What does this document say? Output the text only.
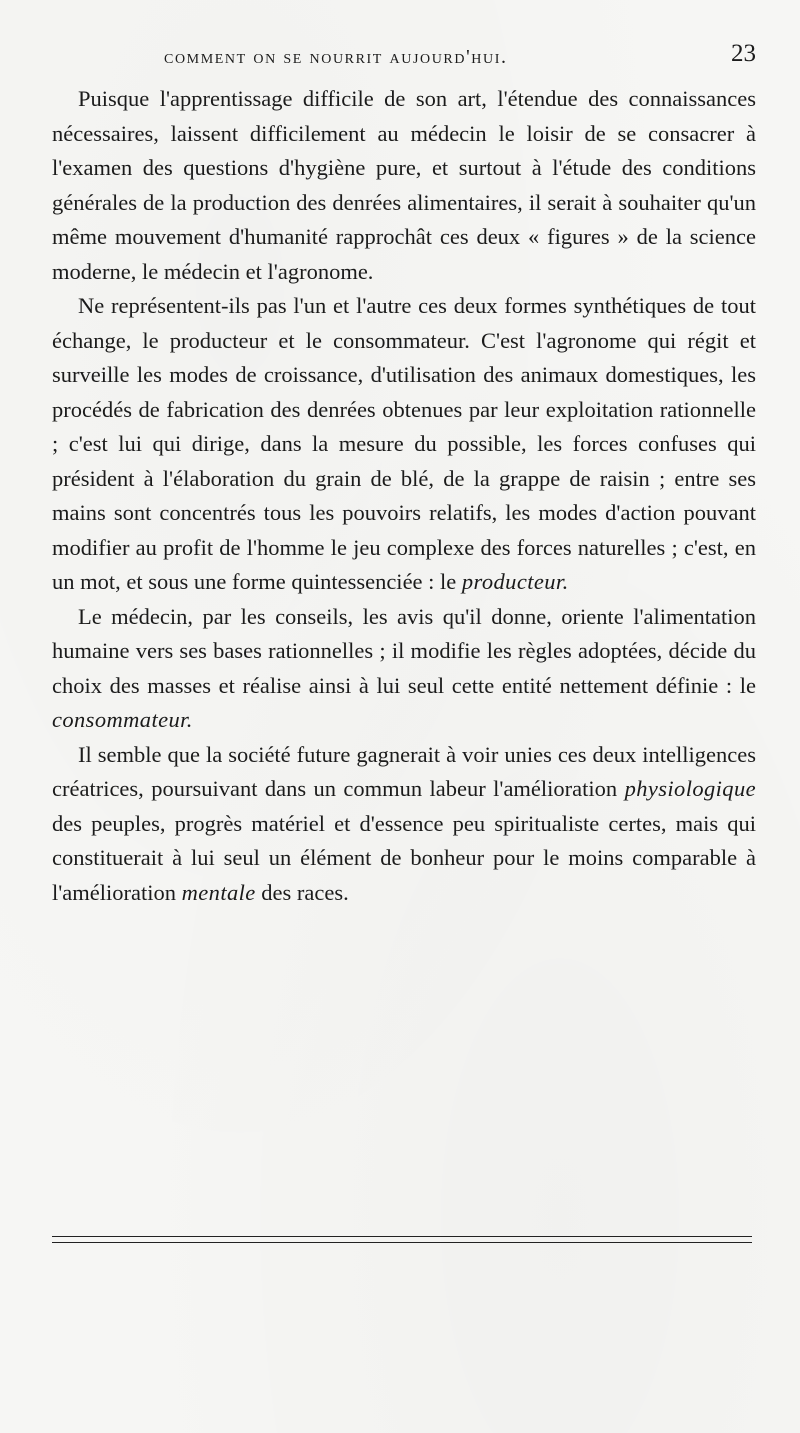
comment on se nourrit aujourd'hui.	23

Puisque l'apprentissage difficile de son art, l'étendue des connaissances nécessaires, laissent difficilement au médecin le loisir de se consacrer à l'examen des questions d'hygiène pure, et surtout à l'étude des conditions générales de la production des denrées alimentaires, il serait à souhaiter qu'un même mouvement d'humanité rapprochât ces deux « figures » de la science moderne, le médecin et l'agronome.

Ne représentent-ils pas l'un et l'autre ces deux formes synthétiques de tout échange, le producteur et le consommateur. C'est l'agronome qui régit et surveille les modes de croissance, d'utilisation des animaux domestiques, les procédés de fabrication des denrées obtenues par leur exploitation rationnelle ; c'est lui qui dirige, dans la mesure du possible, les forces confuses qui président à l'élaboration du grain de blé, de la grappe de raisin ; entre ses mains sont concentrés tous les pouvoirs relatifs, les modes d'action pouvant modifier au profit de l'homme le jeu complexe des forces naturelles ; c'est, en un mot, et sous une forme quintessenciée : le producteur.

Le médecin, par les conseils, les avis qu'il donne, oriente l'alimentation humaine vers ses bases rationnelles ; il modifie les règles adoptées, décide du choix des masses et réalise ainsi à lui seul cette entité nettement définie : le consommateur.

Il semble que la société future gagnerait à voir unies ces deux intelligences créatrices, poursuivant dans un commun labeur l'amélioration physiologique des peuples, progrès matériel et d'essence peu spiritualiste certes, mais qui constituerait à lui seul un élément de bonheur pour le moins comparable à l'amélioration mentale des races.
